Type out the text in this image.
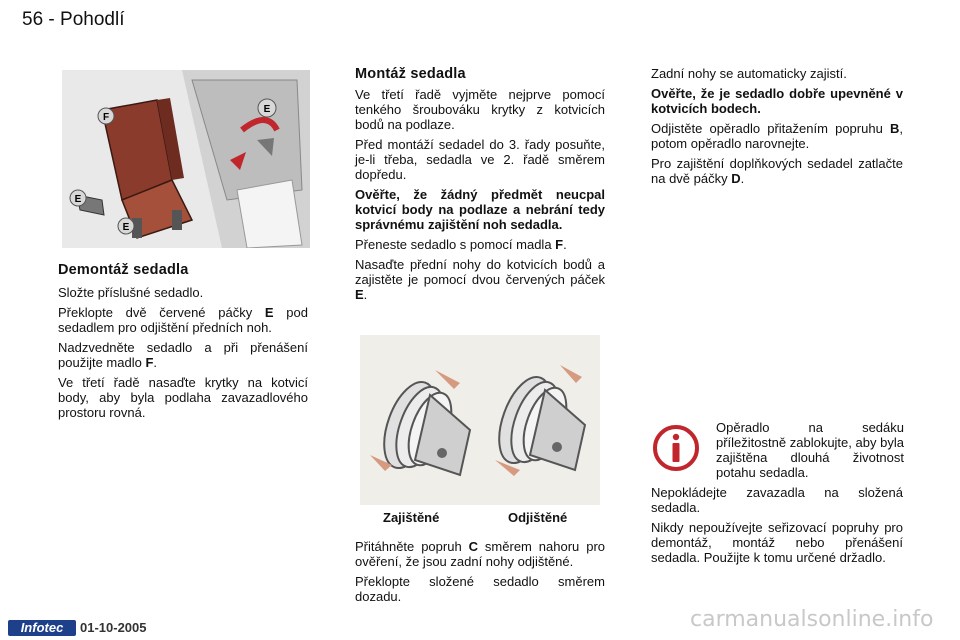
56 - Pohodlí
F
E
E
E
Demontáž sedadla

Složte příslušné sedadlo.

Překlopte dvě červené páčky E pod sedadlem pro odjištění předních noh.

Nadzvedněte sedadlo a při přenášení použijte madlo F.

Ve třetí řadě nasaďte krytky na kotvicí body, aby byla podlaha zavazadlového prostoru rovná.

Montáž sedadla

Ve třetí řadě vyjměte nejprve pomocí tenkého šroubováku krytky z kotvicích bodů na podlaze.

Před montáží sedadel do 3. řady posuňte, je-li třeba, sedadla ve 2. řadě směrem dopředu.

Ověřte, že žádný předmět neucpal kotvicí body na podlaze a nebrání tedy správnému zajištění noh sedadla.

Přeneste sedadlo s pomocí madla F.

Nasaďte přední nohy do kotvicích bodů a zajistěte je pomocí dvou červených páček E.

Zajištěné	Odjištěné

Přitáhněte popruh C směrem nahoru pro ověření, že jsou zadní nohy odjištěné.

Překlopte složené sedadlo směrem dozadu.

Zadní nohy se automaticky zajistí.

Ověřte, že je sedadlo dobře upevněné v kotvicích bodech.

Odjistěte opěradlo přitažením popruhu B, potom opěradlo narovnejte.

Pro zajištění doplňkových sedadel zatlačte na dvě páčky D.

Opěradlo na sedáku příležitostně zablokujte, aby byla zajištěna dlouhá životnost potahu sedadla.

Nepokládejte zavazadla na složená sedadla.

Nikdy nepoužívejte seřizovací popruhy pro demontáž, montáž nebo přenášení sedadla. Použijte k tomu určené držadlo.

Infotec	01-10-2005	carmanualsonline.info
